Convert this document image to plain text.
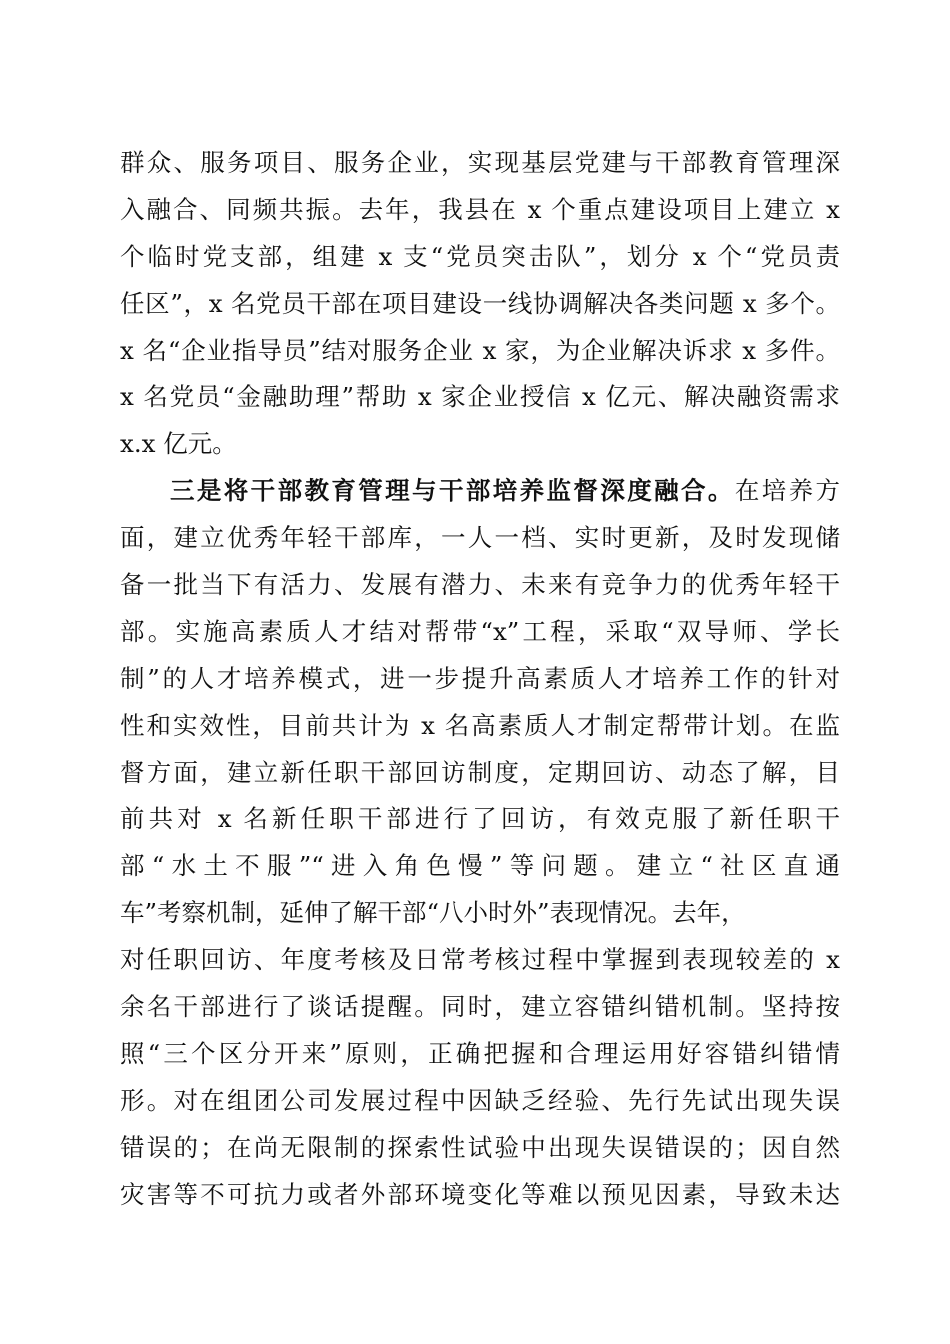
群众、服务项目、服务企业，实现基层党建与干部教育管理深
入融合、同频共振。去年，我县在 x 个重点建设项目上建立 x
个临时党支部，组建 x 支“党员突击队”，划分 x 个“党员责
任区”，x 名党员干部在项目建设一线协调解决各类问题 x 多个。
x 名“企业指导员”结对服务企业 x 家，为企业解决诉求 x 多件。
x 名党员“金融助理”帮助 x 家企业授信 x 亿元、解决融资需求
x.x 亿元。
三是将干部教育管理与干部培养监督深度融合。在培养方
面，建立优秀年轻干部库，一人一档、实时更新，及时发现储
备一批当下有活力、发展有潜力、未来有竞争力的优秀年轻干
部。实施高素质人才结对帮带“x”工程，采取“双导师、学长
制”的人才培养模式，进一步提升高素质人才培养工作的针对
性和实效性，目前共计为 x 名高素质人才制定帮带计划。在监
督方面，建立新任职干部回访制度，定期回访、动态了解，目
前共对 x 名新任职干部进行了回访，有效克服了新任职干
部“水土不服”“进入角色慢”等问题。建立“社区直通
车”考察机制，延伸了解干部“八小时外”表现情况。去年，
对任职回访、年度考核及日常考核过程中掌握到表现较差的 x
余名干部进行了谈话提醒。同时，建立容错纠错机制。坚持按
照“三个区分开来”原则，正确把握和合理运用好容错纠错情
形。对在组团公司发展过程中因缺乏经验、先行先试出现失误
错误的；在尚无限制的探索性试验中出现失误错误的；因自然
灾害等不可抗力或者外部环境变化等难以预见因素，导致未达
